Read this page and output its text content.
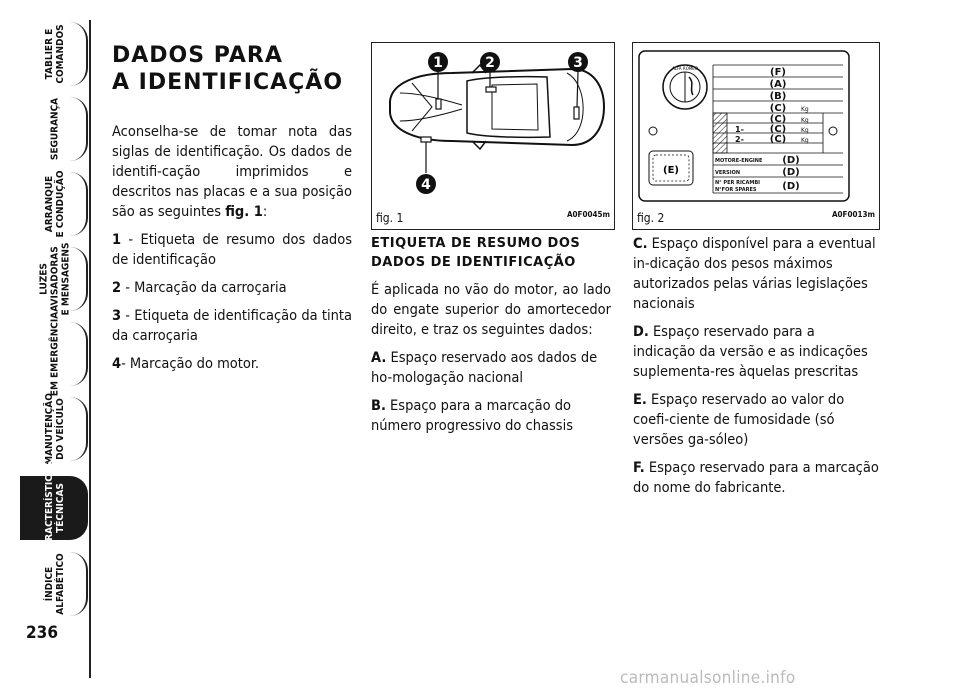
TABLIER E
COMANDOS
SEGURANÇA
ARRANQUE
E CONDUÇÃO
LUZES
AVISADORAS
E MENSAGENS
EM EMERGÊNCIA
MANUTENÇÃO
DO VEÍCULO
CARACTERÍSTICAS
TÉCNICAS
ÍNDICE
ALFABÉTICO
236
DADOS PARA
A IDENTIFICAÇÃO

Aconselha-se de tomar nota das siglas de identificação. Os dados de identifi-cação imprimidos e descritos nas placas e a sua posição são as seguintes fig. 1:

1 - Etiqueta de resumo dos dados de identificação

2 - Marcação da carroçaria

3 - Etiqueta de identificação da tinta da carroçaria

4- Marcação do motor.

1	2	3
4
fig. 1	A0F0045m
ALFA ROMEO	(F)
(A)
(B)
(C)
(C)
(C)
(C)
(D)
(D)
(D)
1-
2-
MOTORE-ENGINE
VERSION
N° PER RICAMBI
N°FOR SPARES
Kg
Kg
Kg
Kg
(E)
fig. 2	A0F0013m
ETIQUETA DE RESUMO DOS
DADOS DE IDENTIFICAÇÃO

É aplicada no vão do motor, ao lado do engate superior do amortecedor direito, e traz os seguintes dados:

A. Espaço reservado aos dados de ho-mologação nacional

B. Espaço para a marcação do número progressivo do chassis

C. Espaço disponível para a eventual in-dicação dos pesos máximos autorizados pelas várias legislações nacionais

D. Espaço reservado para a indicação da versão e as indicações suplementa-res àquelas prescritas

E. Espaço reservado ao valor do coefi-ciente de fumosidade (só versões ga-sóleo)

F. Espaço reservado para a marcação do nome do fabricante.

carmanualsonline.info
